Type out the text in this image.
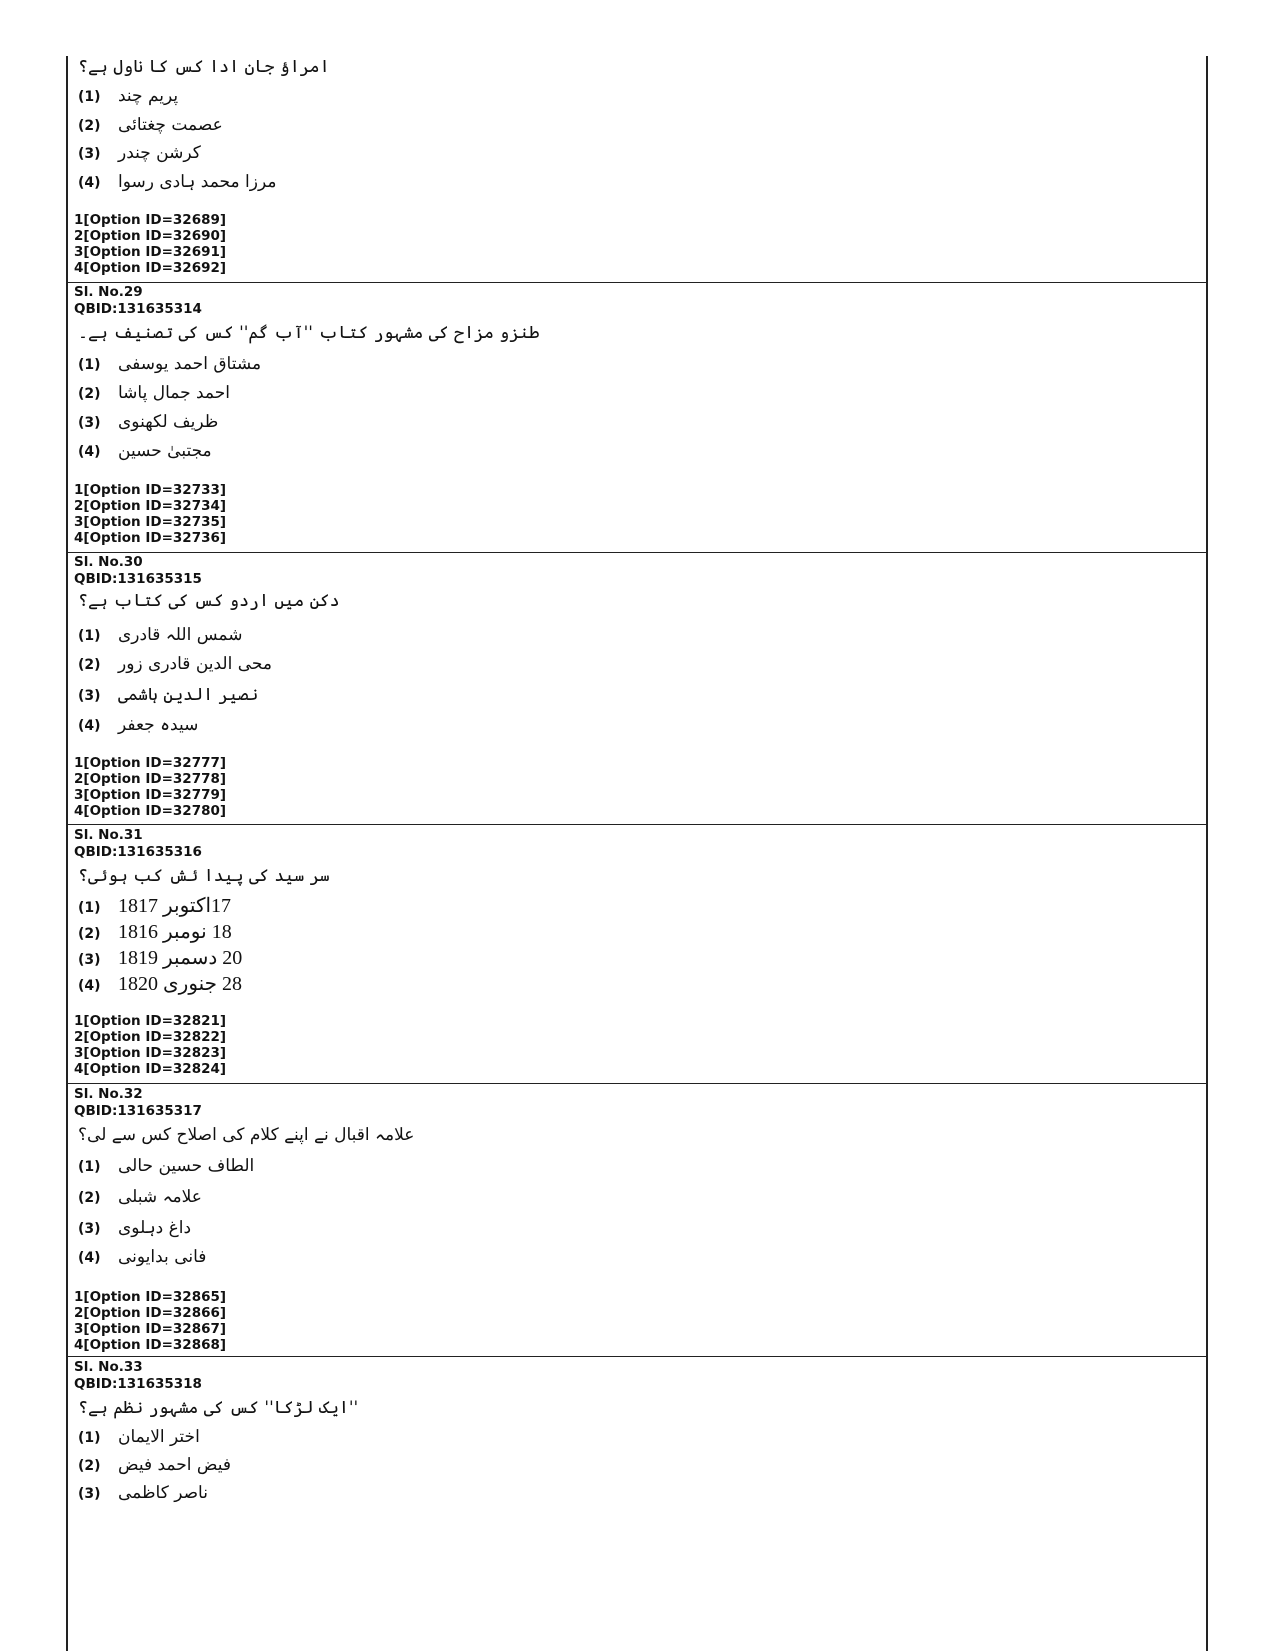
امراؤ جان ادا کس کا ناول ہے؟
(1)	پریم چند
(2)	عصمت چغتائی
(3)	کرشن چندر
(4)	مرزا محمد ہادی رسوا
1[Option ID=32689]
2[Option ID=32690]
3[Option ID=32691]
4[Option ID=32692]
Sl. No.29
QBID:131635314
طنزو مزاح کی مشہور کتاب ''آب گم'' کس کی تصنیف ہے۔
(1)	مشتاق احمد یوسفی
(2)	احمد جمال پاشا
(3)	ظریف لکھنوی
(4)	مجتبیٰ حسین
1[Option ID=32733]
2[Option ID=32734]
3[Option ID=32735]
4[Option ID=32736]
Sl. No.30
QBID:131635315
دکن میں اردو کس کی کتاب ہے؟
(1)	شمس اللہ قادری
(2)	محی الدین قادری زور
(3)	نصیر الدین ہاشمی
(4)	سیدہ جعفر
1[Option ID=32777]
2[Option ID=32778]
3[Option ID=32779]
4[Option ID=32780]
Sl. No.31
QBID:131635316
سر سید کی پیدا ئش کب ہوئی؟
(1) 17اکتوبر 1817
(2) 18 نومبر 1816
(3) 20 دسمبر 1819
(4) 28 جنوری 1820
1[Option ID=32821]
2[Option ID=32822]
3[Option ID=32823]
4[Option ID=32824]
Sl. No.32
QBID:131635317
علامہ اقبال نے اپنے کلام کی اصلاح کس سے لی؟
(1)	الطاف حسین حالی
(2)	علامہ شبلی
(3)	داغ دہلوی
(4)	فانی بدایونی
1[Option ID=32865]
2[Option ID=32866]
3[Option ID=32867]
4[Option ID=32868]
Sl. No.33
QBID:131635318
''ایک لڑکا'' کس کی مشہور نظم ہے؟
(1)	اختر الایمان
(2)	فیض احمد فیض
(3)	ناصر کاظمی
